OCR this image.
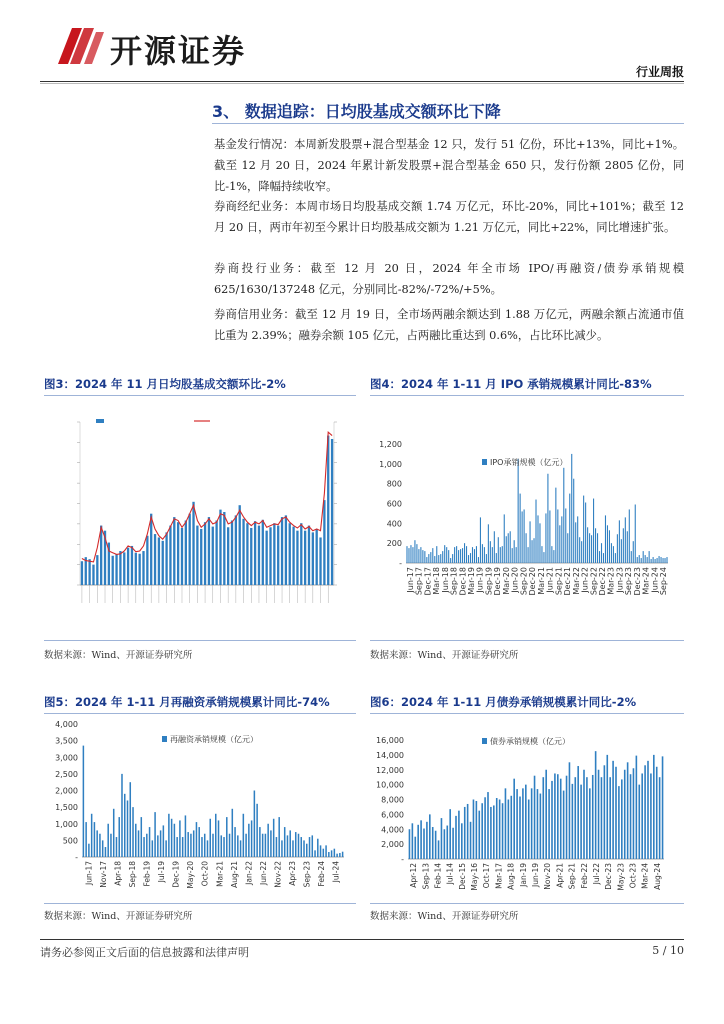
开源证券
行业周报
3、 数据追踪：日均股基成交额环比下降
基金发行情况：本周新发股票+混合型基金 12 只，发行 51 亿份，环比+13%，同比+1%。截至 12 月 20 日，2024 年累计新发股票+混合型基金 650 只，发行份额 2805 亿份，同比-1%，降幅持续收窄。
券商经纪业务：本周市场日均股基成交额 1.74 万亿元，环比-20%，同比+101%；截至 12 月 20 日，两市年初至今累计日均股基成交额为 1.21 万亿元，同比+22%，同比增速扩张。
券商投行业务：截至 12 月 20 日，2024 年全市场 IPO/再融资/债券承销规模 625/1630/137248 亿元，分别同比-82%/-72%/+5%。
券商信用业务：截至 12 月 19 日，全市场两融余额达到 1.88 万亿元，两融余额占流通市值比重为 2.39%；融券余额 105 亿元，占两融比重达到 0.6%，占比环比减少。
图3：2024 年 11 月日均股基成交额环比-2%
数据来源：Wind、开源证券研究所
图4：2024 年 1-11 月 IPO 承销规模累计同比-83%
1,200
1,000
800
600
400
200
-
Jun-17 Sep-17 Dec-17 Mar-18 Jun-18 Sep-18 Dec-18 Mar-19 Jun-19 Sep-19 Dec-19 Mar-20 Jun-20 Sep-20 Dec-20 Mar-21 Jun-21 Sep-21 Dec-21 Mar-22 Jun-22 Sep-22 Dec-22 Mar-23 Jun-23 Sep-23 Dec-23 Mar-24 Jun-24 Sep-24
IPO承销规模（亿元）
数据来源：Wind、开源证券研究所
图5：2024 年 1-11 月再融资承销规模累计同比-74%
4,000
3,500
3,000
2,500
2,000
1,500
1,000
500
-
Jun-17 Nov-17 Apr-18 Sep-18 Feb-19 Jul-19 Dec-19 May-20 Oct-20 Mar-21 Aug-21 Jan-22 Jun-22 Nov-22 Apr-23 Sep-23 Feb-24 Jul-24
再融资承销规模（亿元）
数据来源：Wind、开源证券研究所
图6：2024 年 1-11 月债券承销规模累计同比-2%
16,000
14,000
12,000
10,000
8,000
6,000
4,000
2,000
-
Apr-12 Sep-13 Feb-14 Jul-14 Dec-15 May-16 Oct-17 Mar-17 Aug-18 Jan-19 Jun-19 Nov-20 Apr-21 Sep-21 Feb-22 Jul-22 Dec-23 May-23 Oct-23 Mar-24 Aug-24
债券承销规模（亿元）
数据来源：Wind、开源证券研究所
请务必参阅正文后面的信息披露和法律声明	5 / 10
